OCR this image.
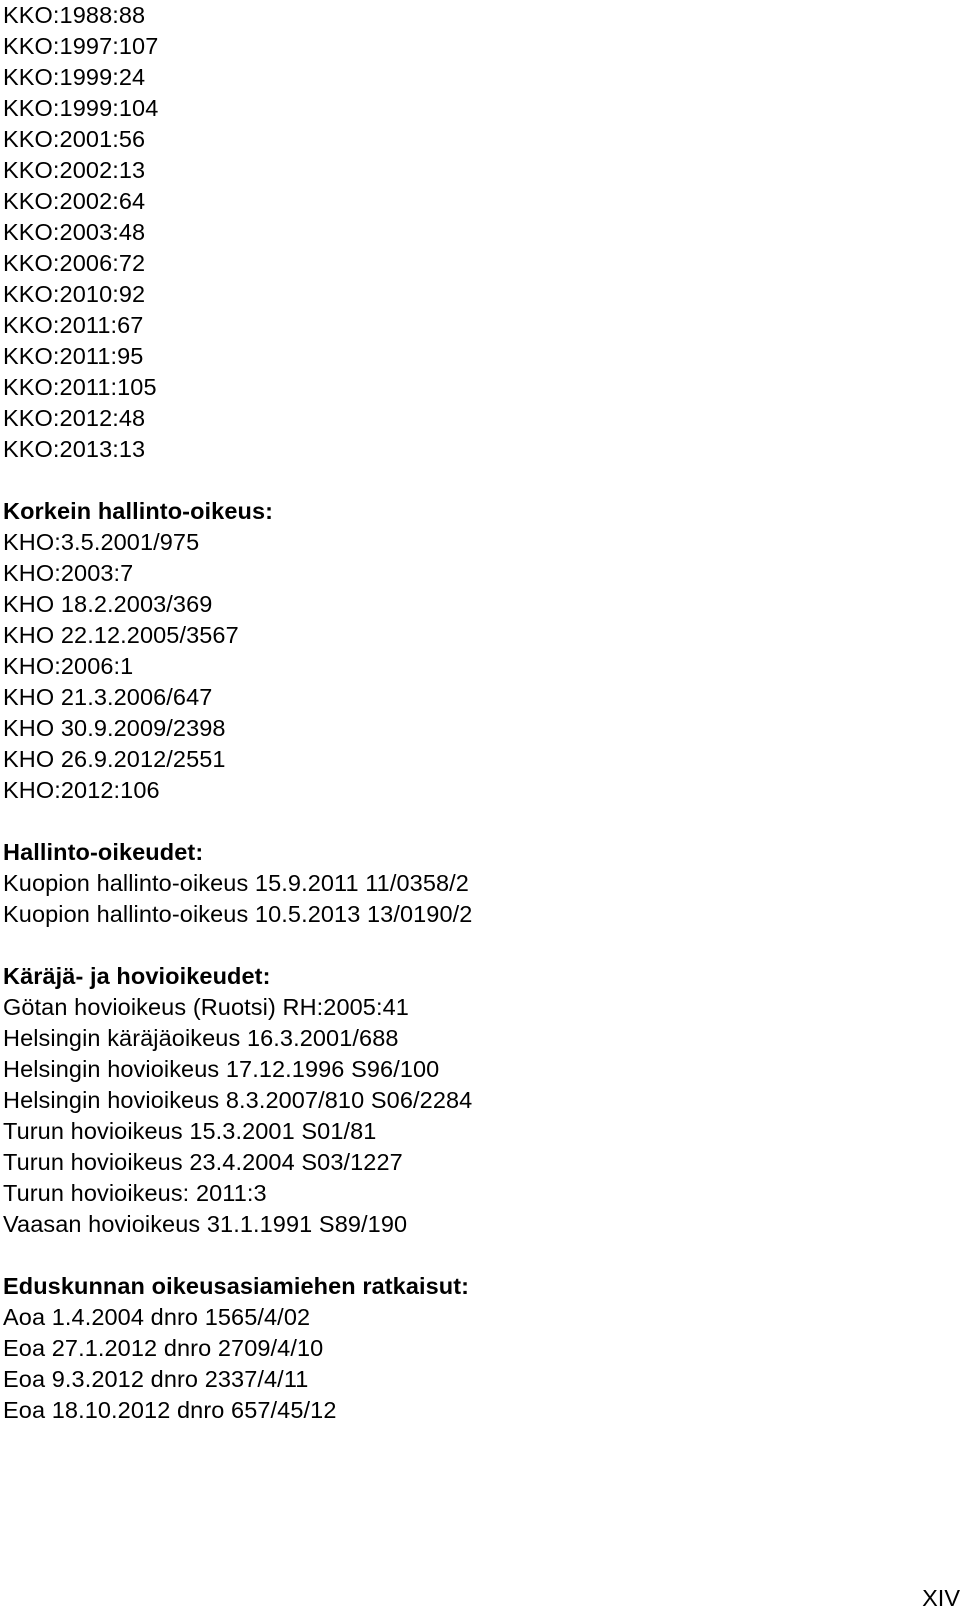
KKO:1988:88
KKO:1997:107
KKO:1999:24
KKO:1999:104
KKO:2001:56
KKO:2002:13
KKO:2002:64
KKO:2003:48
KKO:2006:72
KKO:2010:92
KKO:2011:67
KKO:2011:95
KKO:2011:105
KKO:2012:48
KKO:2013:13
Korkein hallinto-oikeus:
KHO:3.5.2001/975
KHO:2003:7
KHO 18.2.2003/369
KHO 22.12.2005/3567
KHO:2006:1
KHO 21.3.2006/647
KHO 30.9.2009/2398
KHO 26.9.2012/2551
KHO:2012:106
Hallinto-oikeudet:
Kuopion hallinto-oikeus 15.9.2011 11/0358/2
Kuopion hallinto-oikeus 10.5.2013 13/0190/2
Käräjä- ja hovioikeudet:
Götan hovioikeus (Ruotsi) RH:2005:41
Helsingin käräjäoikeus 16.3.2001/688
Helsingin hovioikeus 17.12.1996 S96/100
Helsingin hovioikeus 8.3.2007/810 S06/2284
Turun hovioikeus 15.3.2001 S01/81
Turun hovioikeus 23.4.2004 S03/1227
Turun hovioikeus: 2011:3
Vaasan hovioikeus 31.1.1991 S89/190
Eduskunnan oikeusasiamiehen ratkaisut:
Aoa 1.4.2004 dnro 1565/4/02
Eoa 27.1.2012 dnro 2709/4/10
Eoa 9.3.2012 dnro 2337/4/11
Eoa 18.10.2012 dnro 657/45/12
XIV
